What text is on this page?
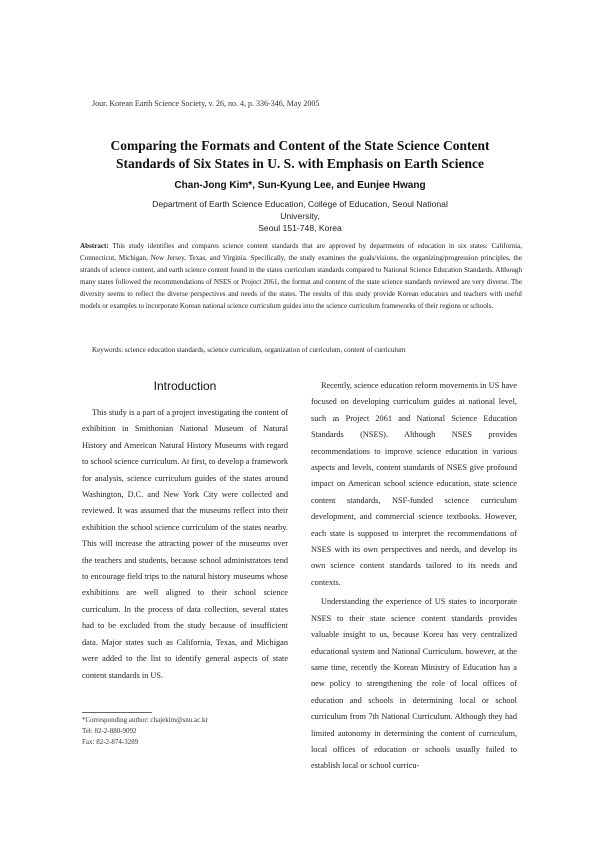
Jour. Korean Earth Science Society, v. 26, no. 4, p. 336-346, May 2005
Comparing the Formats and Content of the State Science Content
Standards of Six States in U. S. with Emphasis on Earth Science
Chan-Jong Kim*, Sun-Kyung Lee, and Eunjee Hwang
Department of Earth Science Education, College of Education, Seoul National University,
Seoul 151-748, Korea

Abstract: This study identifies and compares science content standards that are approved by departments of education in six states: California, Connecticut, Michigan, New Jersey, Texas, and Virginia. Specifically, the study examines the goals/visions, the organizing/progression principles, the strands of science content, and earth science content found in the states curriculum standards compared to National Science Education Standards. Although many states followed the recommendations of NSES or Project 2061, the format and content of the state science standards reviewed are very diverse. The diversity seems to reflect the diverse perspectives and needs of the states. The results of this study provide Korean educators and teachers with useful models or examples to incorporate Korean national science curriculum guides into the science curriculum frameworks of their regions or schools.

Keywords: science education standards, science curriculum, organization of curriculum, content of curriculum
Introduction

This study is a part of a project investigating the content of exhibition in Smithonian National Museum of Natural History and American Natural History Museums with regard to school science curriculum. At first, to develop a framework for analysis, science curriculum guides of the states around Washington, D.C. and New York City were collected and reviewed. It was assumed that the museums reflect into their exhibition the school science curriculum of the states nearby. This will increase the attracting power of the museums over the teachers and students, because school administrators tend to encourage field trips to the natural history museums whose exhibitions are well aligned to their school science curriculum. In the process of data collection, several states had to be excluded from the study because of insufficient data. Major states such as California, Texas, and Michigan were added to the list to identify general aspects of state content standards in US.

Recently, science education reform movements in US have focused on developing curriculum guides at national level, such as Project 2061 and National Science Education Standards (NSES). Although NSES provides recommendations to improve science education in various aspects and levels, content standards of NSES give profound impact on American school science education, state science content standards, NSF-funded science curriculum development, and commercial science textbooks. However, each state is supposed to interpret the recommendations of NSES with its own perspectives and needs, and develop its own science content standards tailored to its needs and contexts.

Understanding the experience of US states to incorporate NSES to their state science content standards provides valuable insight to us, because Korea has very centralized educational system and National Curriculum. however, at the same time, recently the Korean Ministry of Education has a new policy to strengthening the role of local offices of education and schools in determining local or school curriculum from 7th National Curriculum. Although they had limited autonomy in determining the content of curriculum, local offices of education or schools usually failed to establish local or school curricu-

*Corresponding author: chajekim@snu.ac.kr
Tel: 82-2-880-9092
Fax: 82-2-874-3289
